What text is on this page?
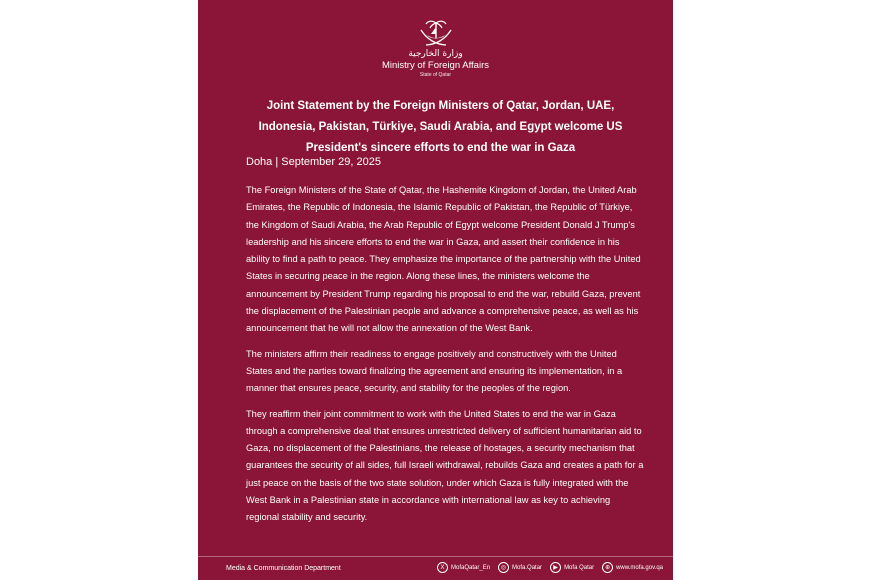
وزارة الخارجية
Ministry of Foreign Affairs
State of Qatar
Joint Statement by the Foreign Ministers of Qatar, Jordan, UAE, Indonesia, Pakistan, Türkiye, Saudi Arabia, and Egypt welcome US President's sincere efforts to end the war in Gaza
Doha | September 29, 2025

The Foreign Ministers of the State of Qatar, the Hashemite Kingdom of Jordan, the United Arab Emirates, the Republic of Indonesia, the Islamic Republic of Pakistan, the Republic of Türkiye, the Kingdom of Saudi Arabia, the Arab Republic of Egypt welcome President Donald J Trump's leadership and his sincere efforts to end the war in Gaza, and assert their confidence in his ability to find a path to peace. They emphasize the importance of the partnership with the United States in securing peace in the region. Along these lines, the ministers welcome the announcement by President Trump regarding his proposal to end the war, rebuild Gaza, prevent the displacement of the Palestinian people and advance a comprehensive peace, as well as his announcement that he will not allow the annexation of the West Bank.

The ministers affirm their readiness to engage positively and constructively with the United States and the parties toward finalizing the agreement and ensuring its implementation, in a manner that ensures peace, security, and stability for the peoples of the region.

They reaffirm their joint commitment to work with the United States to end the war in Gaza through a comprehensive deal that ensures unrestricted delivery of sufficient humanitarian aid to Gaza, no displacement of the Palestinians, the release of hostages, a security mechanism that guarantees the security of all sides, full Israeli withdrawal, rebuilds Gaza and creates a path for a just peace on the basis of the two state solution, under which Gaza is fully integrated with the West Bank in a Palestinian state in accordance with international law as key to achieving regional stability and security.

Media & Communication Department	X	MofaQatar_En	◎ Mofa.Qatar	▶	Mofa Qatar	⊕ www.mofa.gov.qa
